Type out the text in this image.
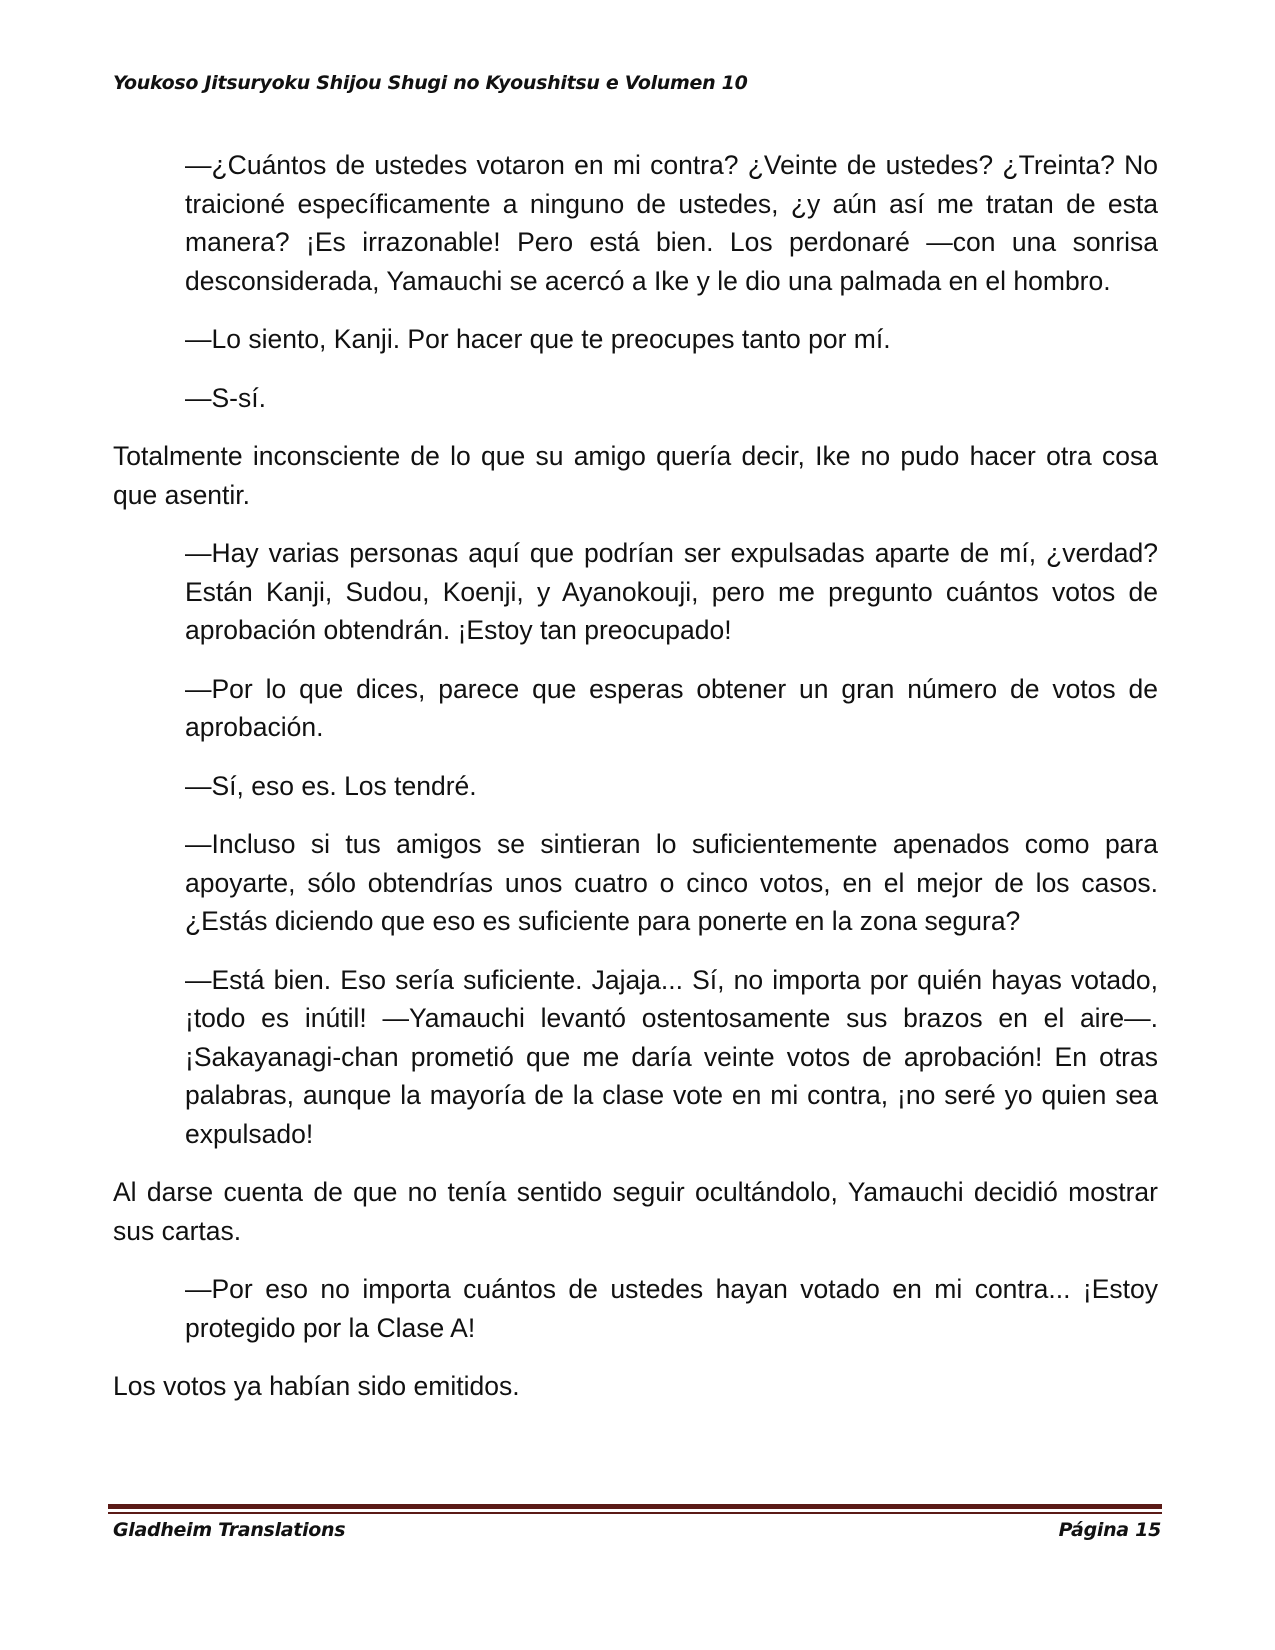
Youkoso Jitsuryoku Shijou Shugi no Kyoushitsu e Volumen 10

—¿Cuántos de ustedes votaron en mi contra? ¿Veinte de ustedes? ¿Treinta? No traicioné específicamente a ninguno de ustedes, ¿y aún así me tratan de esta manera? ¡Es irrazonable! Pero está bien. Los perdonaré —con una sonrisa desconsiderada, Yamauchi se acercó a Ike y le dio una palmada en el hombro.

—Lo siento, Kanji. Por hacer que te preocupes tanto por mí.

—S-sí.

Totalmente inconsciente de lo que su amigo quería decir, Ike no pudo hacer otra cosa que asentir.

—Hay varias personas aquí que podrían ser expulsadas aparte de mí, ¿verdad? Están Kanji, Sudou, Koenji, y Ayanokouji, pero me pregunto cuántos votos de aprobación obtendrán. ¡Estoy tan preocupado!

—Por lo que dices, parece que esperas obtener un gran número de votos de aprobación.

—Sí, eso es. Los tendré.

—Incluso si tus amigos se sintieran lo suficientemente apenados como para apoyarte, sólo obtendrías unos cuatro o cinco votos, en el mejor de los casos. ¿Estás diciendo que eso es suficiente para ponerte en la zona segura?

—Está bien. Eso sería suficiente. Jajaja... Sí, no importa por quién hayas votado, ¡todo es inútil! —Yamauchi levantó ostentosamente sus brazos en el aire—. ¡Sakayanagi-chan prometió que me daría veinte votos de aprobación! En otras palabras, aunque la mayoría de la clase vote en mi contra, ¡no seré yo quien sea expulsado!

Al darse cuenta de que no tenía sentido seguir ocultándolo, Yamauchi decidió mostrar sus cartas.

—Por eso no importa cuántos de ustedes hayan votado en mi contra... ¡Estoy protegido por la Clase A!

Los votos ya habían sido emitidos.

Gladheim Translations	Página 15
